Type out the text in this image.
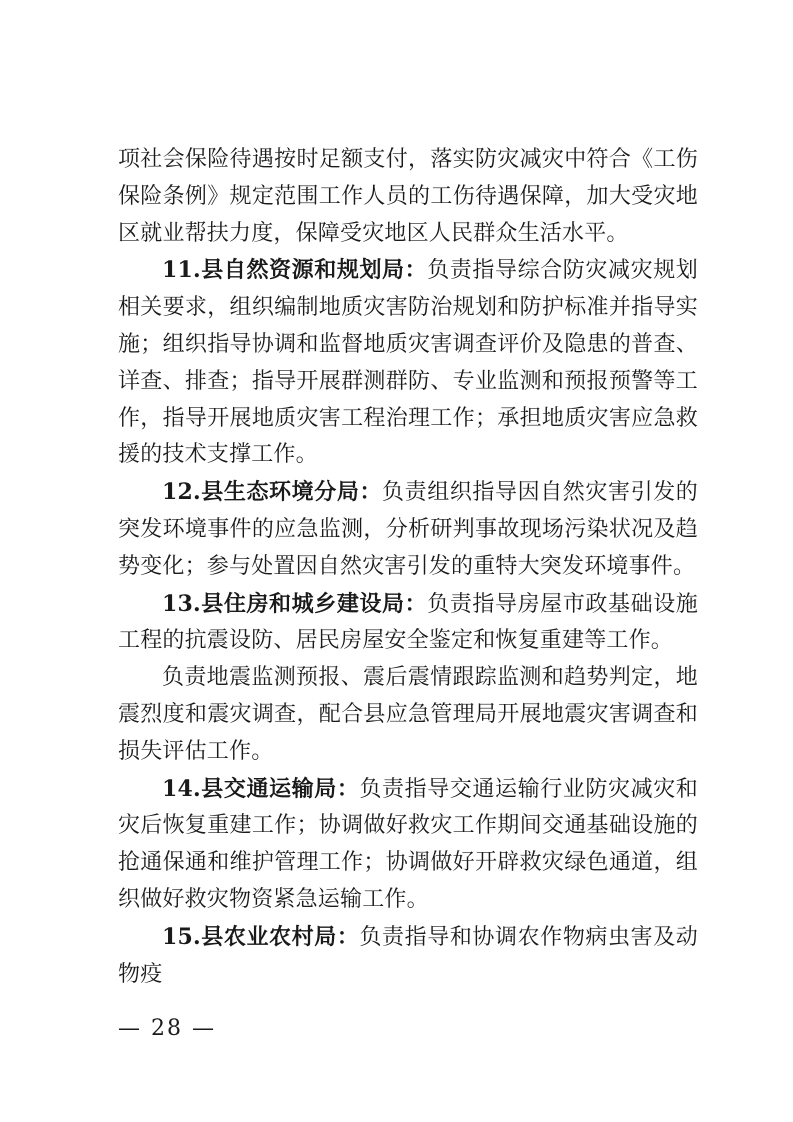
项社会保险待遇按时足额支付，落实防灾减灾中符合《工伤保险条例》规定范围工作人员的工伤待遇保障，加大受灾地区就业帮扶力度，保障受灾地区人民群众生活水平。

11.县自然资源和规划局：负责指导综合防灾减灾规划相关要求，组织编制地质灾害防治规划和防护标准并指导实施；组织指导协调和监督地质灾害调查评价及隐患的普查、详查、排查；指导开展群测群防、专业监测和预报预警等工作，指导开展地质灾害工程治理工作；承担地质灾害应急救援的技术支撑工作。

12.县生态环境分局：负责组织指导因自然灾害引发的突发环境事件的应急监测，分析研判事故现场污染状况及趋势变化；参与处置因自然灾害引发的重特大突发环境事件。

13.县住房和城乡建设局：负责指导房屋市政基础设施工程的抗震设防、居民房屋安全鉴定和恢复重建等工作。

负责地震监测预报、震后震情跟踪监测和趋势判定，地震烈度和震灾调查，配合县应急管理局开展地震灾害调查和损失评估工作。

14.县交通运输局：负责指导交通运输行业防灾减灾和灾后恢复重建工作；协调做好救灾工作期间交通基础设施的抢通保通和维护管理工作；协调做好开辟救灾绿色通道，组织做好救灾物资紧急运输工作。

15.县农业农村局：负责指导和协调农作物病虫害及动物疫

— 28 —
